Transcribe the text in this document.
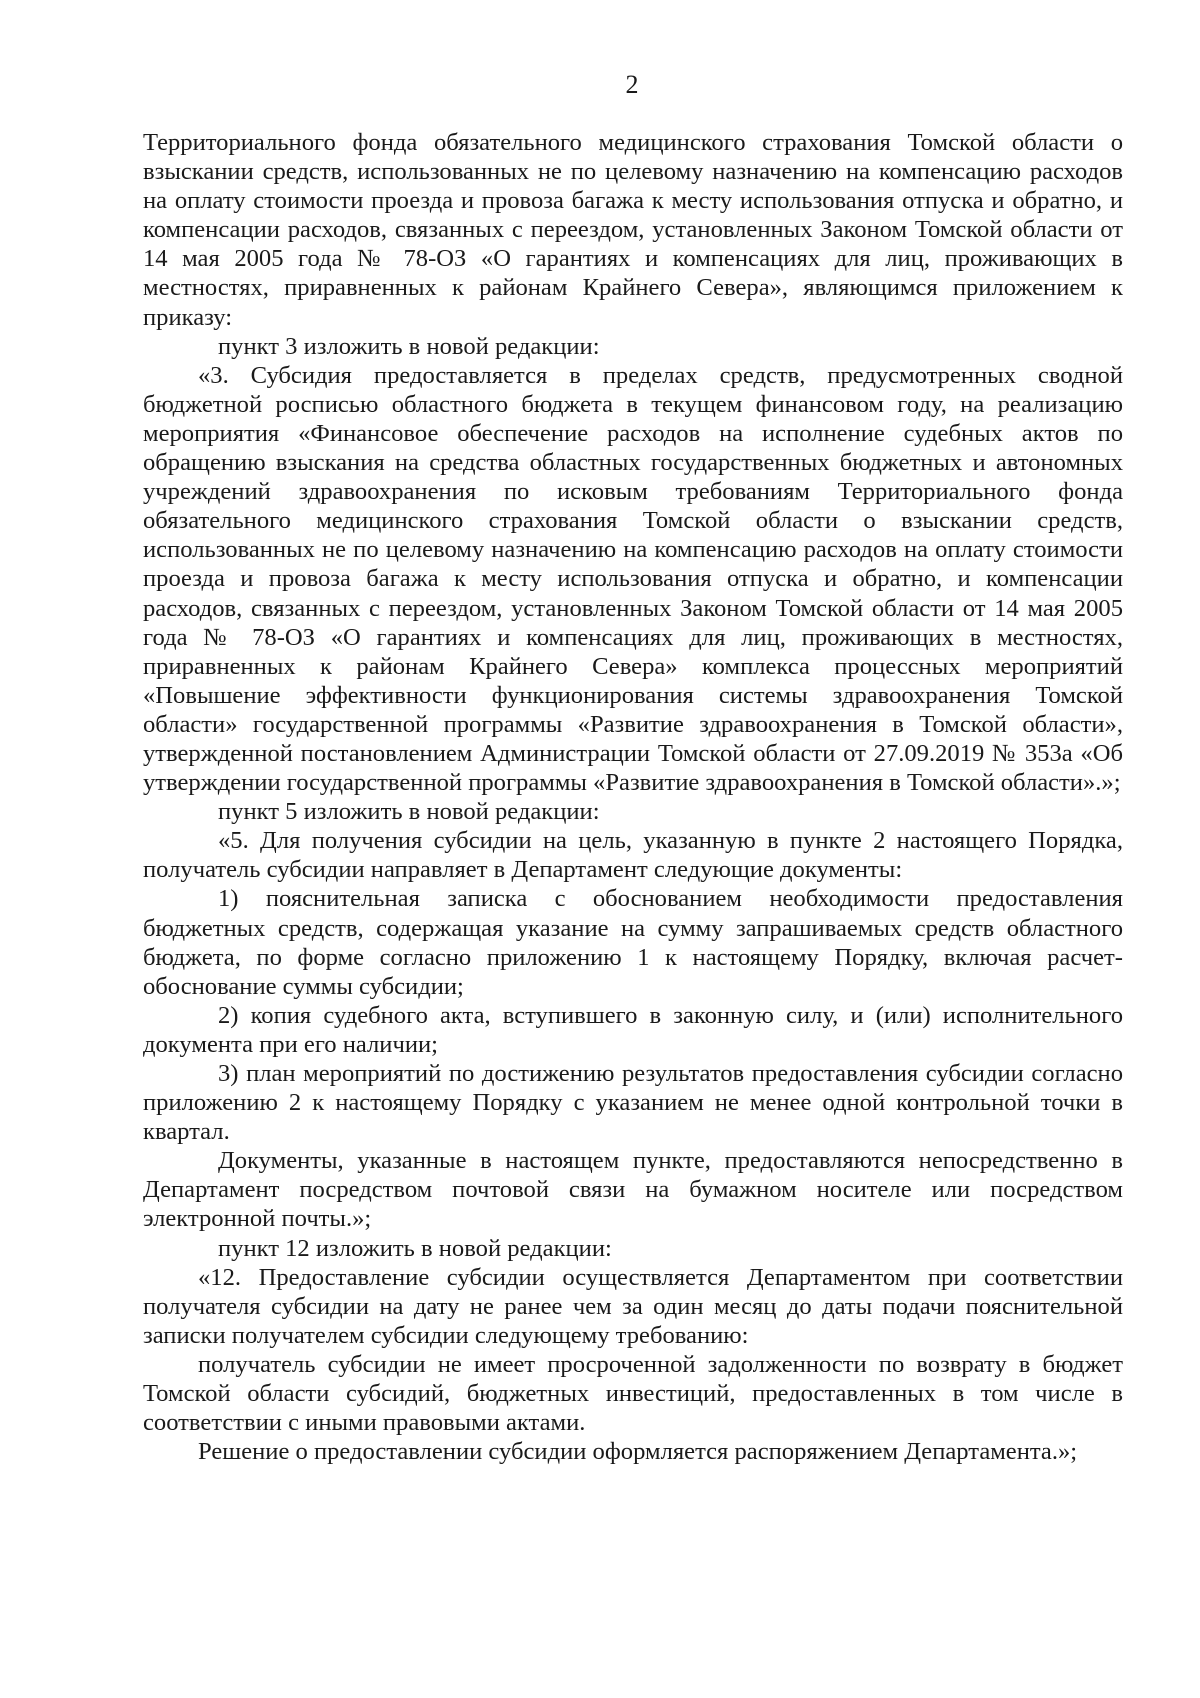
2

Территориального фонда обязательного медицинского страхования Томской области о взыскании средств, использованных не по целевому назначению на компенсацию расходов на оплату стоимости проезда и провоза багажа к месту использования отпуска и обратно, и компенсации расходов, связанных с переездом, установленных Законом Томской области от 14 мая 2005 года № 78-ОЗ «О гарантиях и компенсациях для лиц, проживающих в местностях, приравненных к районам Крайнего Севера», являющимся приложением к приказу:

пункт 3 изложить в новой редакции:

«3. Субсидия предоставляется в пределах средств, предусмотренных сводной бюджетной росписью областного бюджета в текущем финансовом году, на реализацию мероприятия «Финансовое обеспечение расходов на исполнение судебных актов по обращению взыскания на средства областных государственных бюджетных и автономных учреждений здравоохранения по исковым требованиям Территориального фонда обязательного медицинского страхования Томской области о взыскании средств, использованных не по целевому назначению на компенсацию расходов на оплату стоимости проезда и провоза багажа к месту использования отпуска и обратно, и компенсации расходов, связанных с переездом, установленных Законом Томской области от 14 мая 2005 года № 78-ОЗ «О гарантиях и компенсациях для лиц, проживающих в местностях, приравненных к районам Крайнего Севера» комплекса процессных мероприятий «Повышение эффективности функционирования системы здравоохранения Томской области» государственной программы «Развитие здравоохранения в Томской области», утвержденной постановлением Администрации Томской области от 27.09.2019 № 353а «Об утверждении государственной программы «Развитие здравоохранения в Томской области».»;

пункт 5 изложить в новой редакции:

«5. Для получения субсидии на цель, указанную в пункте 2 настоящего Порядка, получатель субсидии направляет в Департамент следующие документы:

1) пояснительная записка с обоснованием необходимости предоставления бюджетных средств, содержащая указание на сумму запрашиваемых средств областного бюджета, по форме согласно приложению 1 к настоящему Порядку, включая расчет-обоснование суммы субсидии;

2) копия судебного акта, вступившего в законную силу, и (или) исполнительного документа при его наличии;

3) план мероприятий по достижению результатов предоставления субсидии согласно приложению 2 к настоящему Порядку с указанием не менее одной контрольной точки в квартал.

Документы, указанные в настоящем пункте, предоставляются непосредственно в Департамент посредством почтовой связи на бумажном носителе или посредством электронной почты.»;

пункт 12 изложить в новой редакции:

«12. Предоставление субсидии осуществляется Департаментом при соответствии получателя субсидии на дату не ранее чем за один месяц до даты подачи пояснительной записки получателем субсидии следующему требованию:

получатель субсидии не имеет просроченной задолженности по возврату в бюджет Томской области субсидий, бюджетных инвестиций, предоставленных в том числе в соответствии с иными правовыми актами.

Решение о предоставлении субсидии оформляется распоряжением Департамента.»;
